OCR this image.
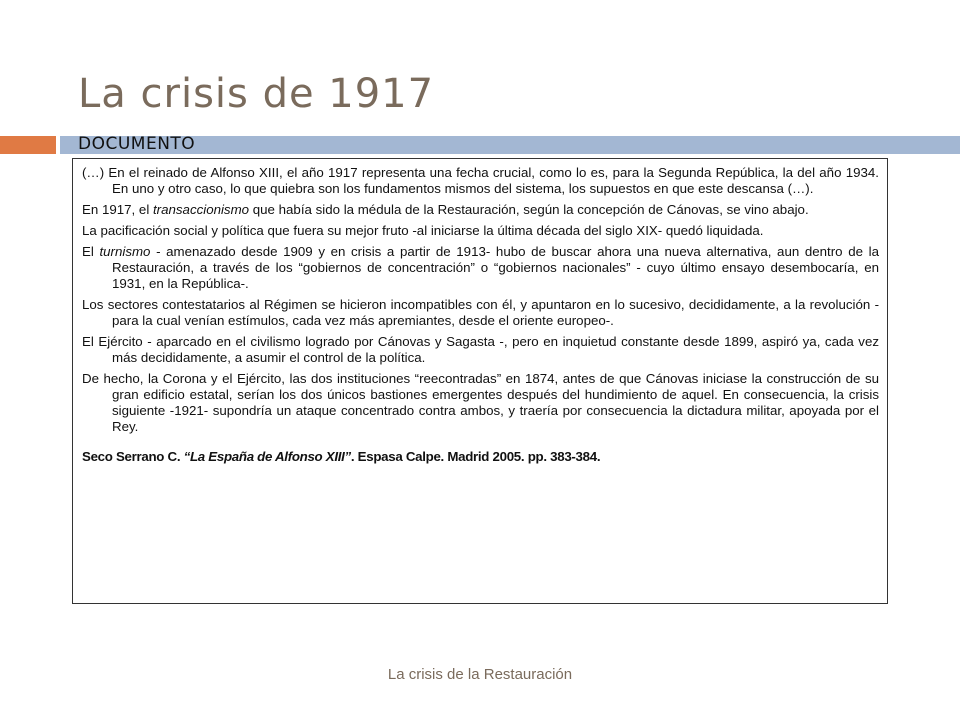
La crisis de 1917
DOCUMENTO

(…) En el reinado de Alfonso XIII, el año 1917 representa una fecha crucial, como lo es, para la Segunda República, la del año 1934. En uno y otro caso, lo que quiebra son los fundamentos mismos del sistema, los supuestos en que este descansa (…).

En 1917, el transaccionismo que había sido la médula de la Restauración, según la concepción de Cánovas, se vino abajo.

La pacificación social y política que fuera su mejor fruto -al iniciarse la última década del siglo XIX- quedó liquidada.

El turnismo - amenazado desde 1909 y en crisis a partir de 1913- hubo de buscar ahora una nueva alternativa, aun dentro de la Restauración, a través de los “gobiernos de concentración” o “gobiernos nacionales” - cuyo último ensayo desembocaría, en 1931, en la República-.

Los sectores contestatarios al Régimen se hicieron incompatibles con él, y apuntaron en lo sucesivo, decididamente, a la revolución - para la cual venían estímulos, cada vez más apremiantes, desde el oriente europeo-.

El Ejército - aparcado en el civilismo logrado por Cánovas y Sagasta -, pero en inquietud constante desde 1899, aspiró ya, cada vez más decididamente, a asumir el control de la política.

De hecho, la Corona y el Ejército, las dos instituciones “reecontradas” en 1874, antes de que Cánovas iniciase la construcción de su gran edificio estatal, serían los dos únicos bastiones emergentes después del hundimiento de aquel. En consecuencia, la crisis siguiente -1921- supondría un ataque concentrado contra ambos, y traería por consecuencia la dictadura militar, apoyada por el Rey.

Seco Serrano C. “La España de Alfonso XIII”. Espasa Calpe. Madrid 2005. pp. 383-384.
La crisis de la Restauración
